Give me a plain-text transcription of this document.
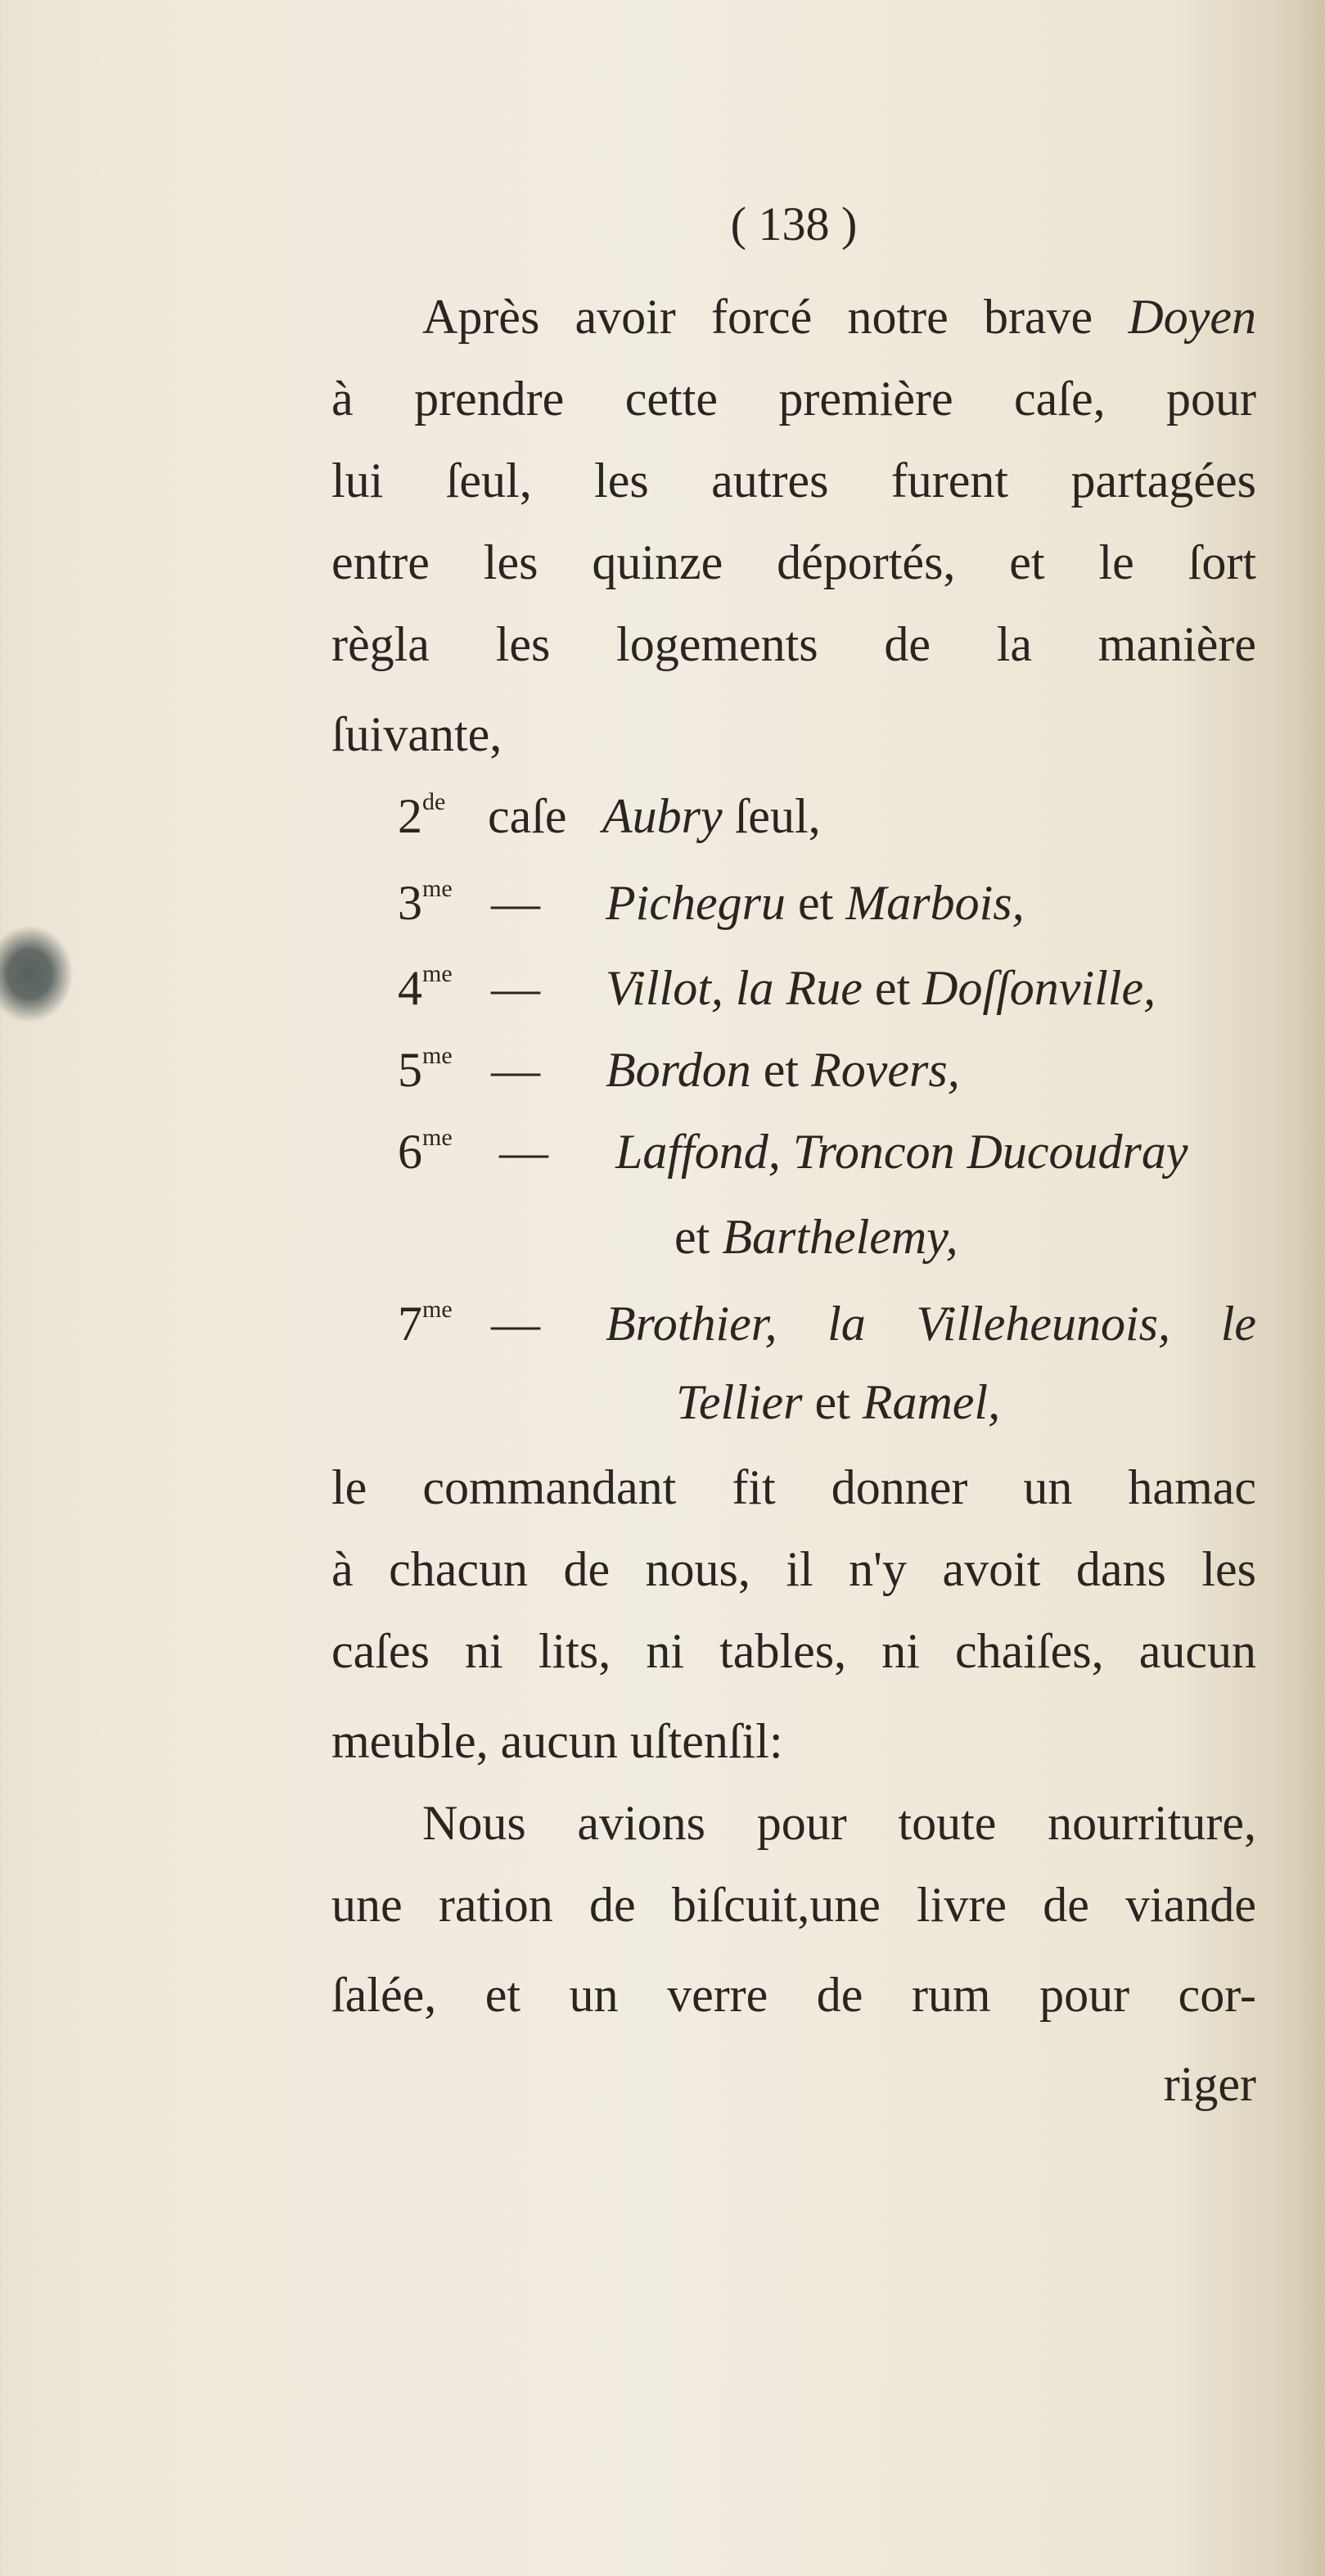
( 138 )
Après avoir forcé notre brave Doyen
à prendre cette première caſe, pour
lui ſeul, les autres furent partagées
entre les quinze déportés, et le ſort
règla les logements de la manière
ſuivante,
2de caſe Aubry ſeul,
$3^{me}$ — Pichegru et Marbois,
$4^{me}$ — Villot, la Rue et Doſſonville,
$5^{me}$ — Bordon et Rovers,
$6^{me}$ — Laffond, Troncon Ducoudray
et Barthelemy,
$7^{me}$ — Brothier, la Villeheunois, le
Tellier et Ramel,
le commandant fit donner un hamac
à chacun de nous, il n'y avoit dans les
caſes ni lits, ni tables, ni chaiſes, aucun
meuble, aucun uſtenſil:
Nous avions pour toute nourriture,
une ration de biſcuit,une livre de viande
ſalée, et un verre de rum pour cor-
riger
